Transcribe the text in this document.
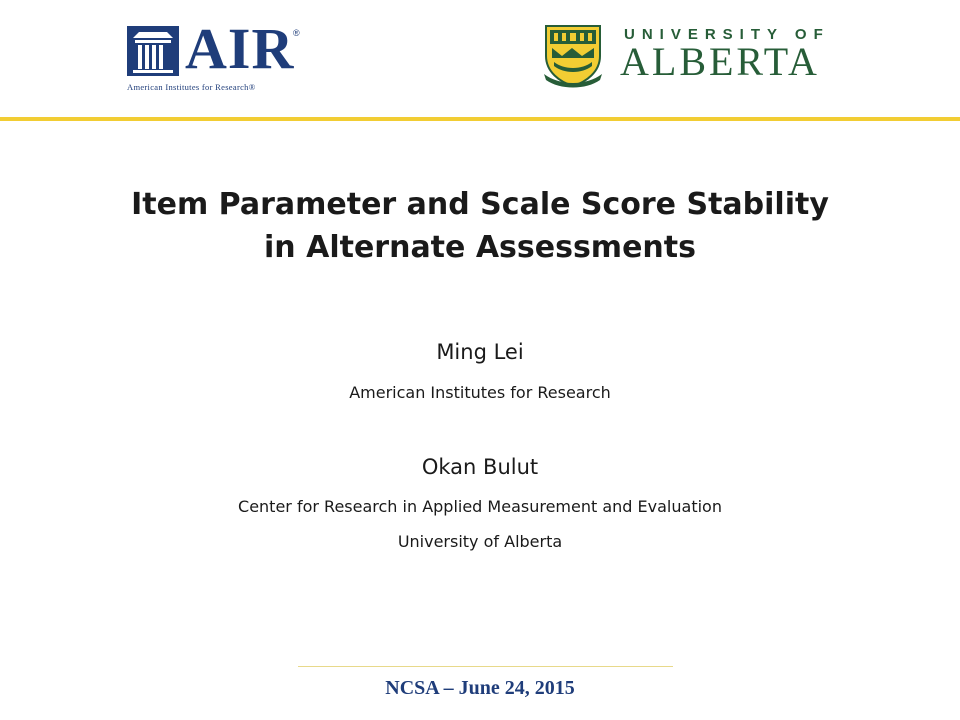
AIR
®
American Institutes for Research®
UNIVERSITY OF
ALBERTA
Item Parameter and Scale Score Stability
in Alternate Assessments
Ming Lei
American Institutes for Research
Okan Bulut
Center for Research in Applied Measurement and Evaluation
University of Alberta
NCSA – June 24, 2015
